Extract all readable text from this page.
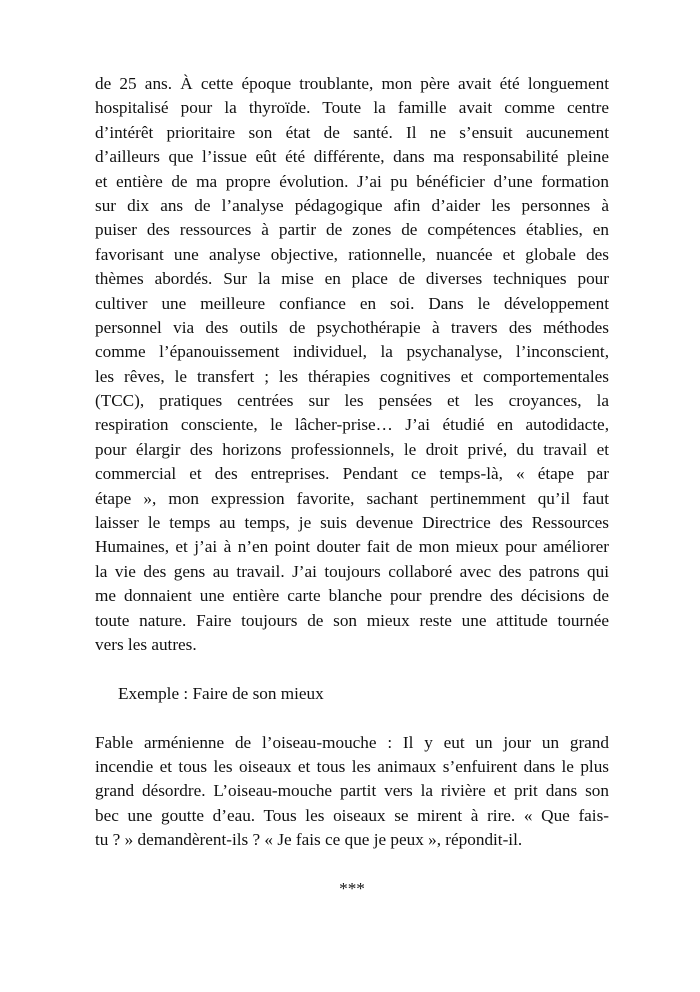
de 25 ans. À cette époque troublante, mon père avait été longuement
hospitalisé pour la thyroïde. Toute la famille avait comme centre
d’intérêt prioritaire son état de santé. Il ne s’ensuit aucunement
d’ailleurs que l’issue eût été différente, dans ma responsabilité pleine
et entière de ma propre évolution. J’ai pu bénéficier d’une formation
sur dix ans de l’analyse pédagogique afin d’aider les personnes à
puiser des ressources à partir de zones de compétences établies, en
favorisant une analyse objective, rationnelle, nuancée et globale des
thèmes abordés. Sur la mise en place de diverses techniques pour
cultiver une meilleure confiance en soi. Dans le développement
personnel via des outils de psychothérapie à travers des méthodes
comme l’épanouissement individuel, la psychanalyse, l’inconscient,
les rêves, le transfert ; les thérapies cognitives et comportementales
(TCC), pratiques centrées sur les pensées et les croyances, la
respiration consciente, le lâcher-prise… J’ai étudié en autodidacte,
pour élargir des horizons professionnels, le droit privé, du travail et
commercial et des entreprises. Pendant ce temps-là, « étape par
étape », mon expression favorite, sachant pertinemment qu’il faut
laisser le temps au temps, je suis devenue Directrice des Ressources
Humaines, et j’ai à n’en point douter fait de mon mieux pour améliorer
la vie des gens au travail. J’ai toujours collaboré avec des patrons qui
me donnaient une entière carte blanche pour prendre des décisions de
toute nature. Faire toujours de son mieux reste une attitude tournée
vers les autres.
Exemple : Faire de son mieux
Fable arménienne de l’oiseau-mouche : Il y eut un jour un grand
incendie et tous les oiseaux et tous les animaux s’enfuirent dans le plus
grand désordre. L’oiseau-mouche partit vers la rivière et prit dans son
bec une goutte d’eau. Tous les oiseaux se mirent à rire. « Que fais-
tu ? » demandèrent-ils ? « Je fais ce que je peux », répondit-il.
***
